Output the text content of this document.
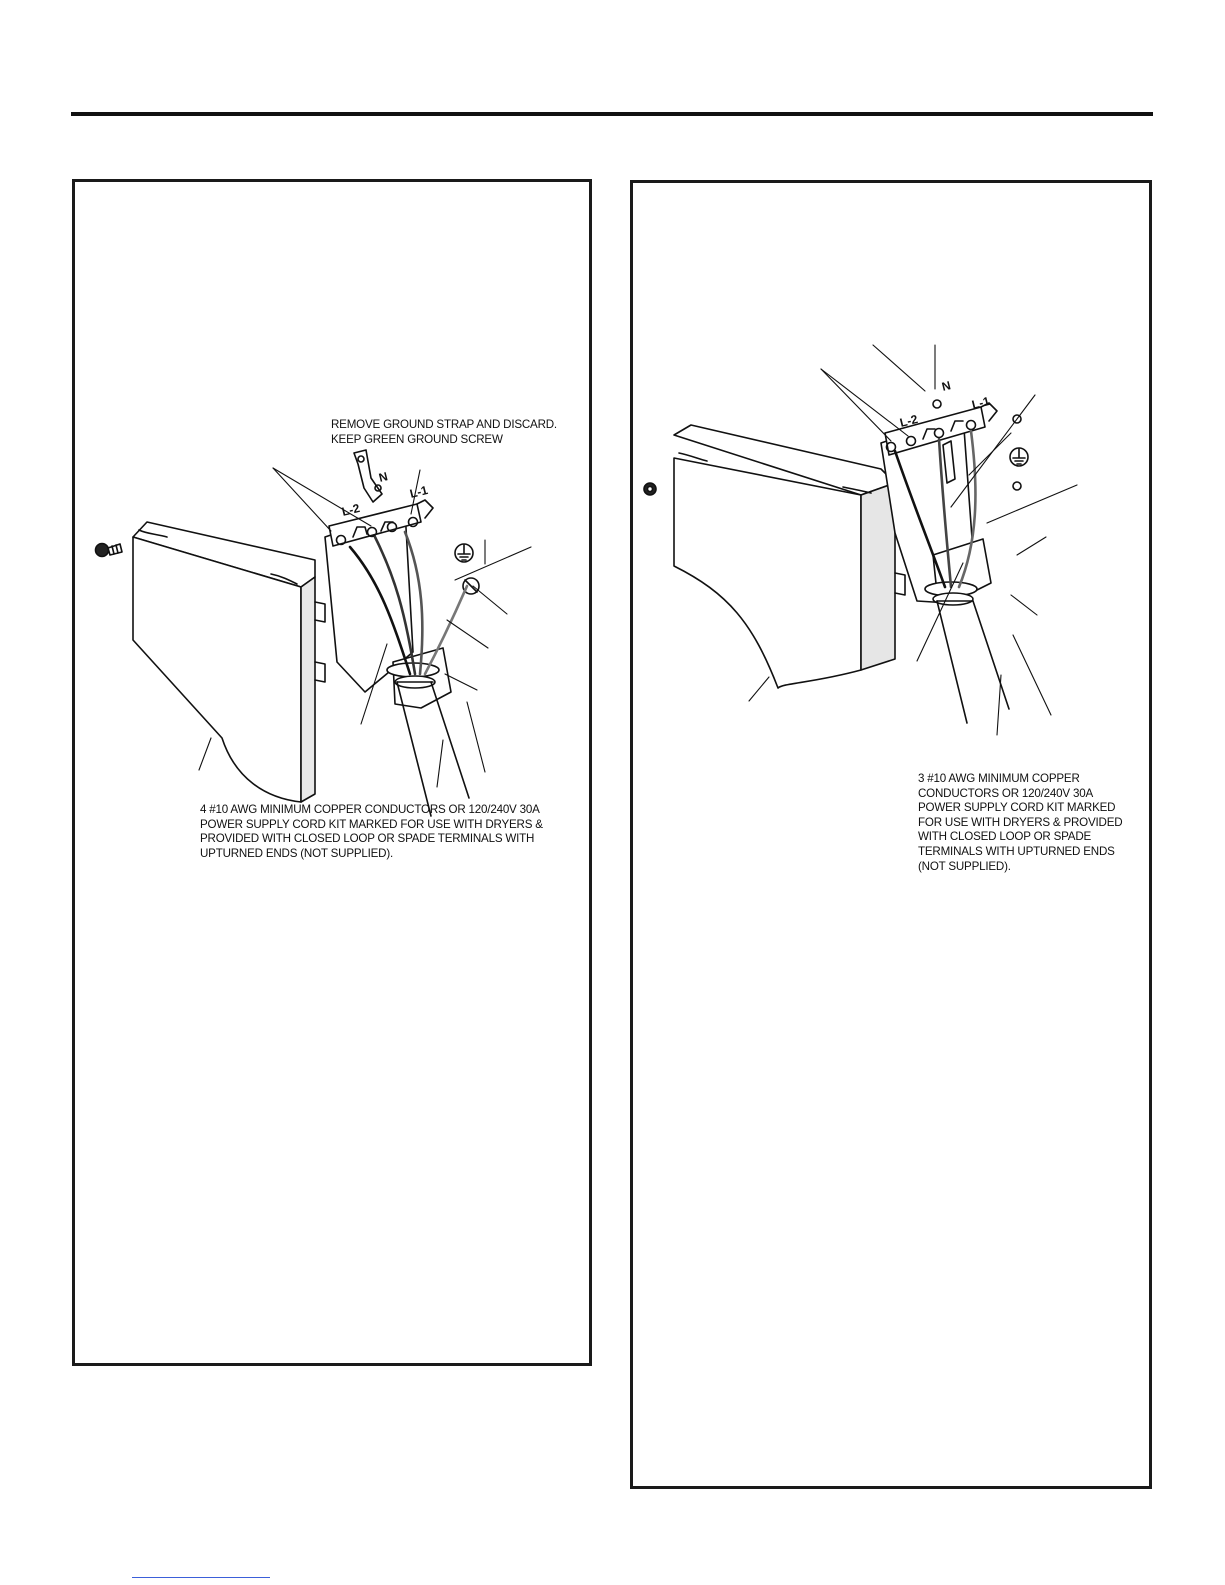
N
L-2
L-1

REMOVE GROUND STRAP AND DISCARD. KEEP GREEN GROUND SCREW

4 #10 AWG MINIMUM COPPER CONDUCTORS OR 120/240V 30A POWER SUPPLY CORD KIT MARKED FOR USE WITH DRYERS & PROVIDED WITH CLOSED LOOP OR SPADE TERMINALS WITH UPTURNED ENDS (NOT SUPPLIED).

N
L-2
L-1

3 #10 AWG MINIMUM COPPER CONDUCTORS OR 120/240V 30A POWER SUPPLY CORD KIT MARKED FOR USE WITH DRYERS & PROVIDED WITH CLOSED LOOP OR SPADE TERMINALS WITH UPTURNED ENDS (NOT SUPPLIED).
